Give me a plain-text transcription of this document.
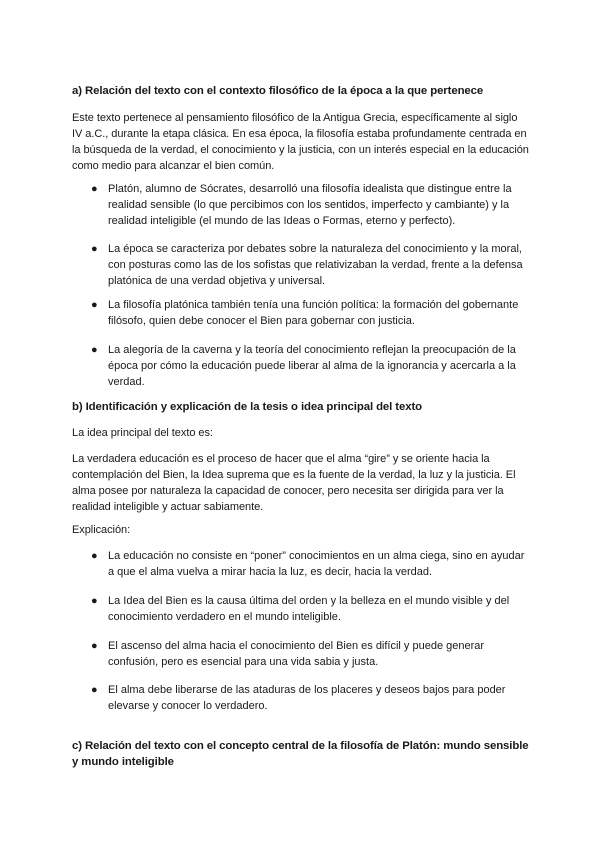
a) Relación del texto con el contexto filosófico de la época a la que pertenece
Este texto pertenece al pensamiento filosófico de la Antigua Grecia, específicamente al siglo IV a.C., durante la etapa clásica. En esa época, la filosofía estaba profundamente centrada en la búsqueda de la verdad, el conocimiento y la justicia, con un interés especial en la educación como medio para alcanzar el bien común.
● Platón, alumno de Sócrates, desarrolló una filosofía idealista que distingue entre la realidad sensible (lo que percibimos con los sentidos, imperfecto y cambiante) y la realidad inteligible (el mundo de las Ideas o Formas, eterno y perfecto).
● La época se caracteriza por debates sobre la naturaleza del conocimiento y la moral, con posturas como las de los sofistas que relativizaban la verdad, frente a la defensa platónica de una verdad objetiva y universal.
● La filosofía platónica también tenía una función política: la formación del gobernante filósofo, quien debe conocer el Bien para gobernar con justicia.
● La alegoría de la caverna y la teoría del conocimiento reflejan la preocupación de la época por cómo la educación puede liberar al alma de la ignorancia y acercarla a la verdad.
b) Identificación y explicación de la tesis o idea principal del texto
La idea principal del texto es:
La verdadera educación es el proceso de hacer que el alma “gire” y se oriente hacia la contemplación del Bien, la Idea suprema que es la fuente de la verdad, la luz y la justicia. El alma posee por naturaleza la capacidad de conocer, pero necesita ser dirigida para ver la realidad inteligible y actuar sabiamente.
Explicación:
● La educación no consiste en “poner” conocimientos en un alma ciega, sino en ayudar a que el alma vuelva a mirar hacia la luz, es decir, hacia la verdad.
● La Idea del Bien es la causa última del orden y la belleza en el mundo visible y del conocimiento verdadero en el mundo inteligible.
● El ascenso del alma hacia el conocimiento del Bien es difícil y puede generar confusión, pero es esencial para una vida sabia y justa.
● El alma debe liberarse de las ataduras de los placeres y deseos bajos para poder elevarse y conocer lo verdadero.
c) Relación del texto con el concepto central de la filosofía de Platón: mundo sensible y mundo inteligible
